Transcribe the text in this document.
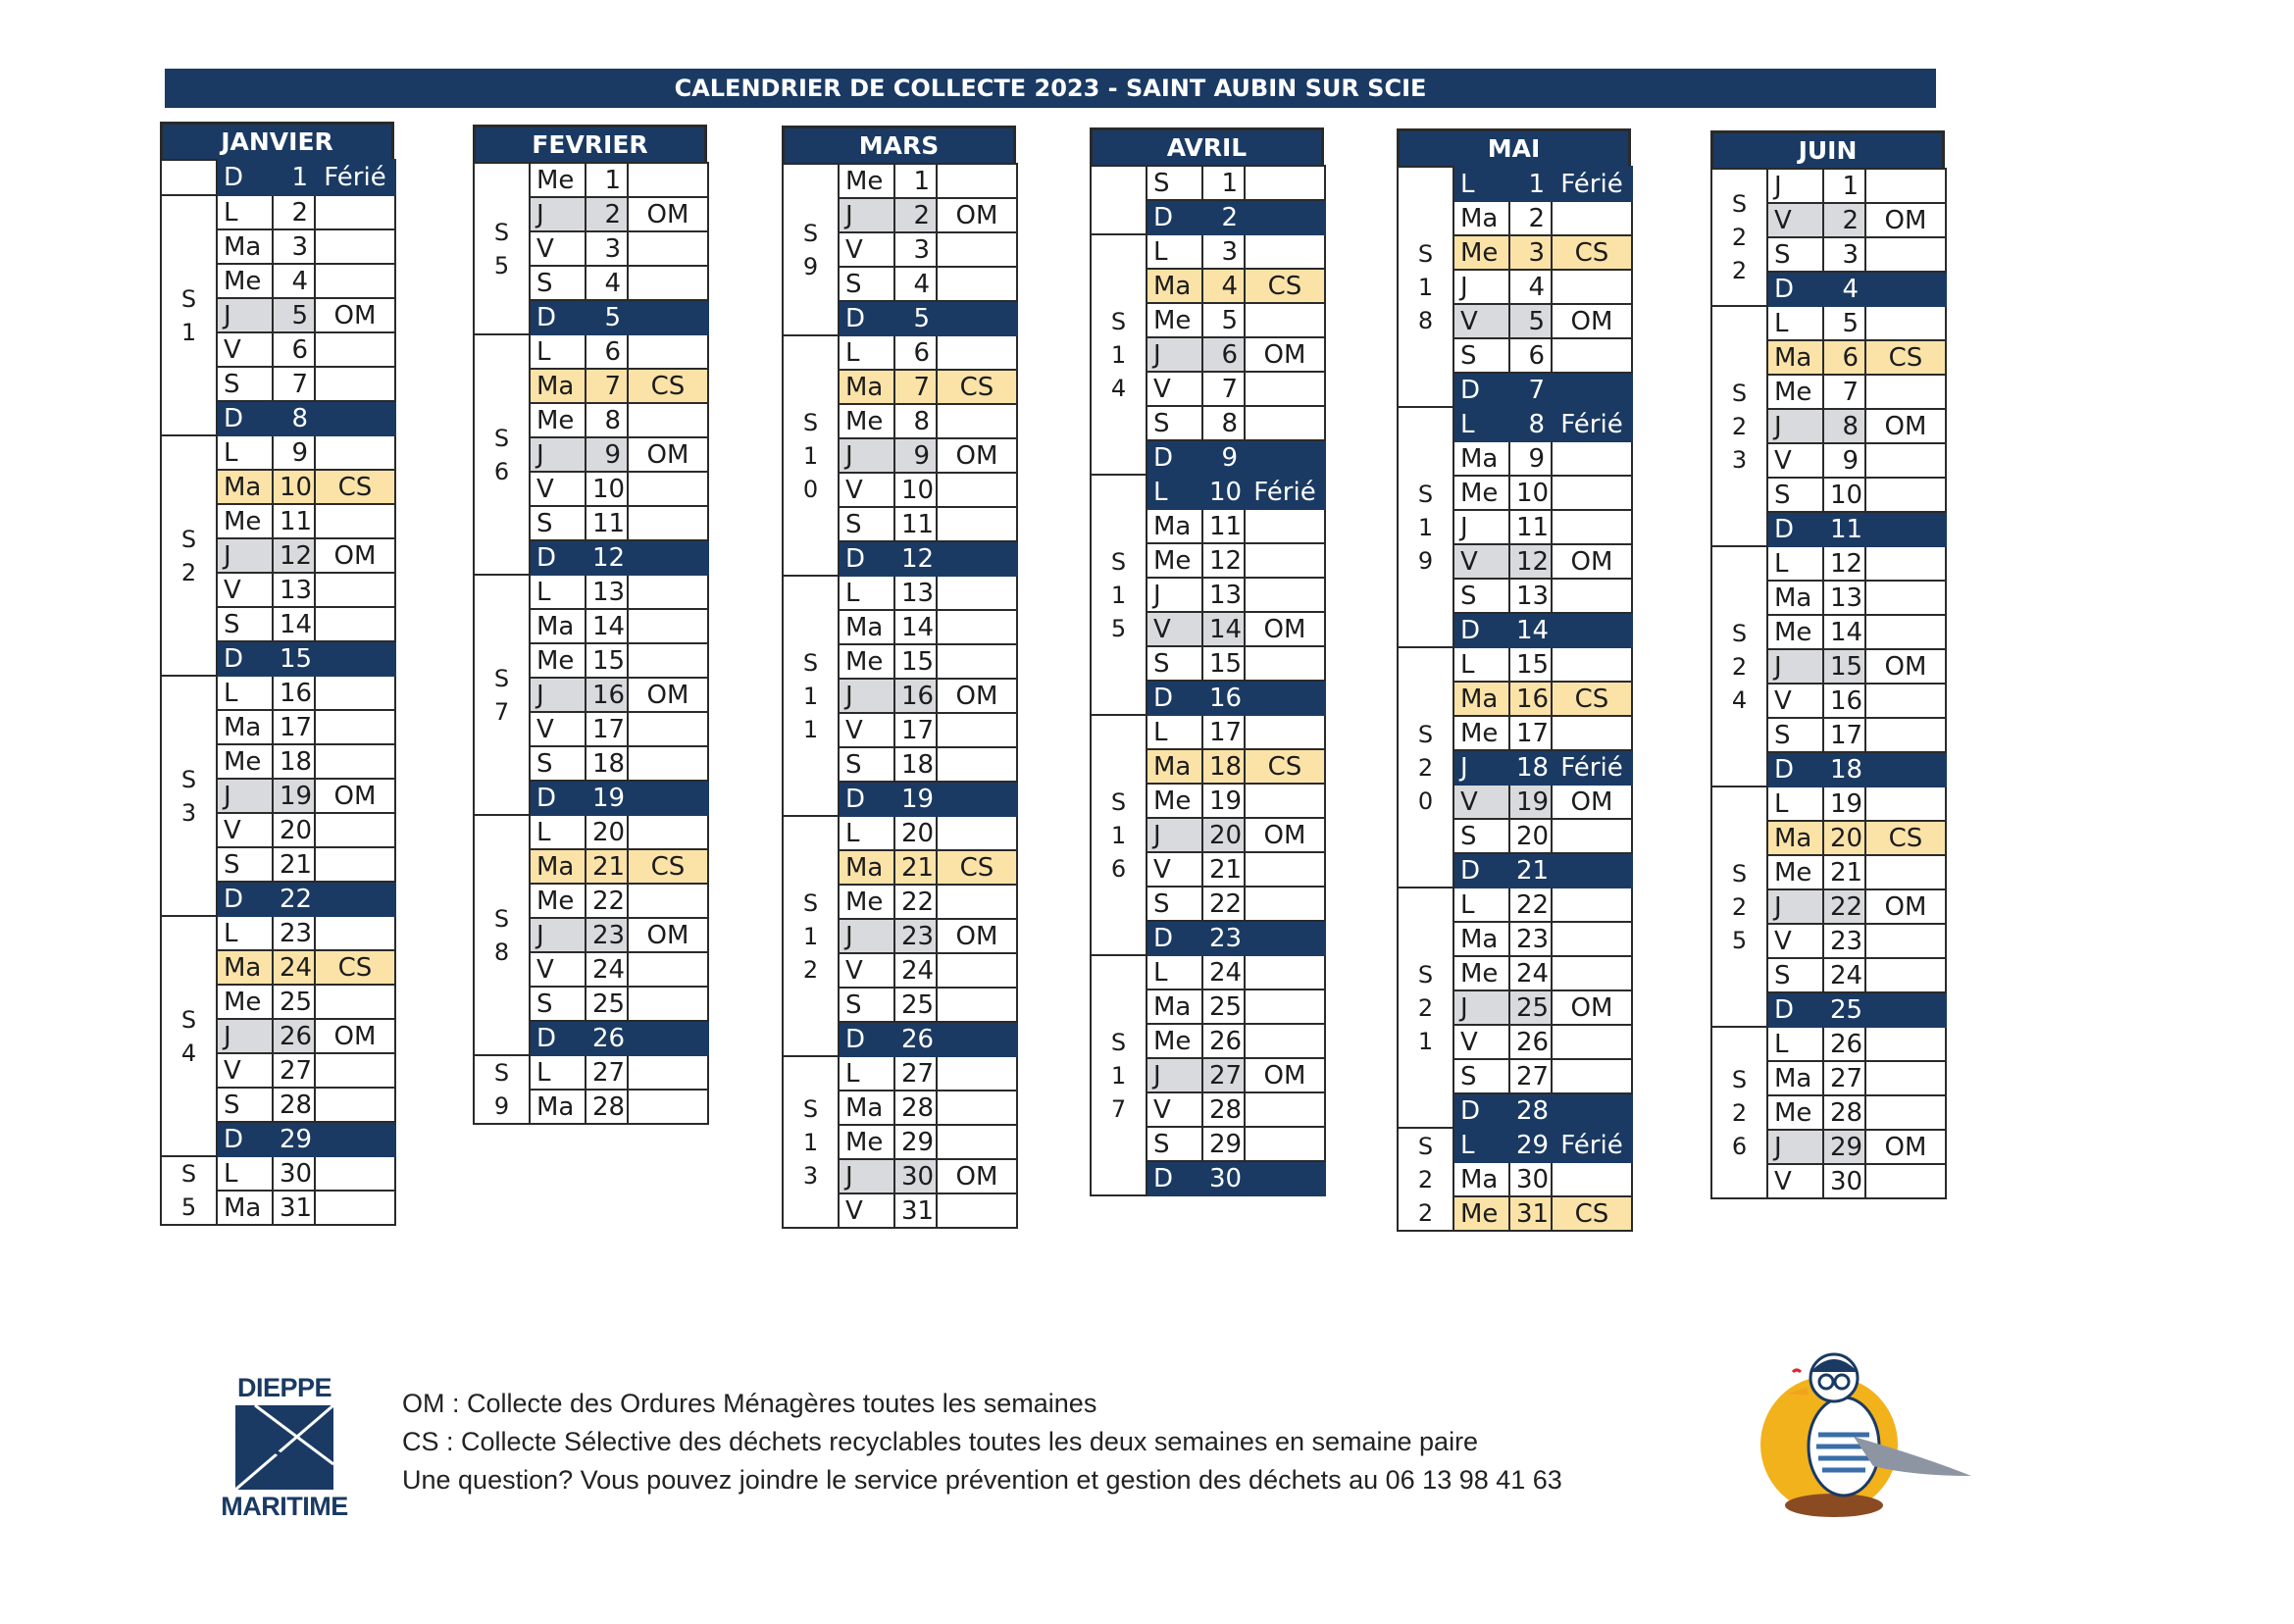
CALENDRIER DE COLLECTE 2023 - SAINT AUBIN SUR SCIE
JANVIER
	D	1	Férié

S
1	L	2	
	Ma	3	
	Me	4	
	J	5	OM
	V	6	
	S	7	
	D	8	

S
2	L	9	
	Ma	10	CS
	Me	11	
	J	12	OM
	V	13	
	S	14	
	D	15	

S
3	L	16	
	Ma	17	
	Me	18	
	J	19	OM
	V	20	
	S	21	
	D	22	

S
4	L	23	
	Ma	24	CS
	Me	25	
	J	26	OM
	V	27	
	S	28	
	D	29	

S
5	L	30	
	Ma	31	
FEVRIER
S
5	Me	1	
	J	2	OM
	V	3	
	S	4	
	D	5	

S
6	L	6	
	Ma	7	CS
	Me	8	
	J	9	OM
	V	10	
	S	11	
	D	12	

S
7	L	13	
	Ma	14	
	Me	15	
	J	16	OM
	V	17	
	S	18	
	D	19	

S
8	L	20	
	Ma	21	CS
	Me	22	
	J	23	OM
	V	24	
	S	25	
	D	26	

S
9	L	27	
	Ma	28	
MARS
S
9	Me	1	
	J	2	OM
	V	3	
	S	4	
	D	5	

S
1
0	L	6	
	Ma	7	CS
	Me	8	
	J	9	OM
	V	10	
	S	11	
	D	12	

S
1
1	L	13	
	Ma	14	
	Me	15	
	J	16	OM
	V	17	
	S	18	
	D	19	

S
1
2	L	20	
	Ma	21	CS
	Me	22	
	J	23	OM
	V	24	
	S	25	
	D	26	

S
1
3	L	27	
	Ma	28	
	Me	29	
	J	30	OM
	V	31	
AVRIL
	S	1	
	D	2	

S
1
4	L	3	
	Ma	4	CS
	Me	5	
	J	6	OM
	V	7	
	S	8	
	D	9	

S
1
5	L	10	Férié
	Ma	11	
	Me	12	
	J	13	
	V	14	OM
	S	15	
	D	16	

S
1
6	L	17	
	Ma	18	CS
	Me	19	
	J	20	OM
	V	21	
	S	22	
	D	23	

S
1
7	L	24	
	Ma	25	
	Me	26	
	J	27	OM
	V	28	
	S	29	
	D	30	
MAI
S
1
8	L	1	Férié
	Ma	2	
	Me	3	CS
	J	4	
	V	5	OM
	S	6	
	D	7	

S
1
9	L	8	Férié
	Ma	9	
	Me	10	
	J	11	
	V	12	OM
	S	13	
	D	14	

S
2
0	L	15	
	Ma	16	CS
	Me	17	
	J	18	Férié
	V	19	OM
	S	20	
	D	21	

S
2
1	L	22	
	Ma	23	
	Me	24	
	J	25	OM
	V	26	
	S	27	
	D	28	

S
2
2	L	29	Férié
	Ma	30	
	Me	31	CS
JUIN
S
2
2	J	1	
	V	2	OM
	S	3	
	D	4	

S
2
3	L	5	
	Ma	6	CS
	Me	7	
	J	8	OM
	V	9	
	S	10	
	D	11	

S
2
4	L	12	
	Ma	13	
	Me	14	
	J	15	OM
	V	16	
	S	17	
	D	18	

S
2
5	L	19	
	Ma	20	CS
	Me	21	
	J	22	OM
	V	23	
	S	24	
	D	25	

S
2
6	L	26	
	Ma	27	
	Me	28	
	J	29	OM
	V	30	
DIEPPE
MARITIME
OM : Collecte des Ordures Ménagères toutes les semaines
CS : Collecte Sélective des déchets recyclables toutes les deux semaines en semaine paire
Une question? Vous pouvez joindre le service prévention et gestion des déchets au 06 13 98 41 63
